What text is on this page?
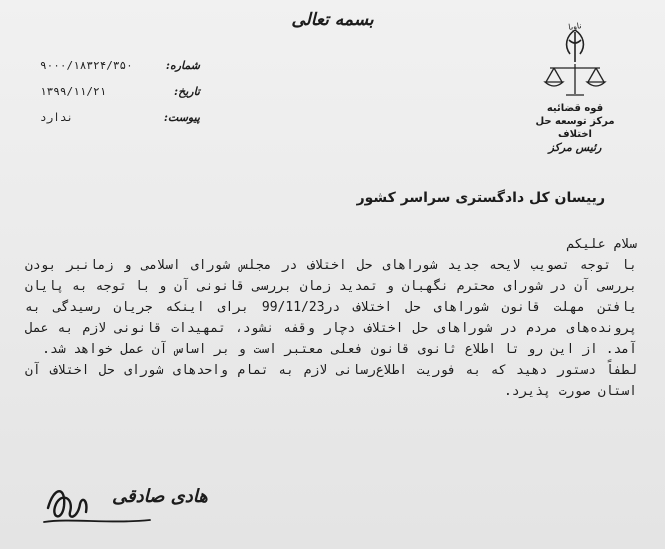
بسمه تعالی	ناوبا
قوه قضائیه
مرکز توسعه حل اختلاف
رئیس مرکز
شماره:
۹۰۰۰/۱۸۳۲۴/۳۵۰
تاریخ:
۱۳۹۹/۱۱/۲۱
پیوست:
ندارد
رییسان کل دادگستری سراسر کشور

سلام علیکم

با توجه تصویب لایحه جدید شوراهای حل اختلاف در مجلس شورای اسلامی و زمانبر بودن بررسی آن در شورای محترم نگهبان و تمدید زمان بررسی قانونی آن و با توجه به پایان یافتن مهلت قانون شوراهای حل اختلاف در99/11/23 برای اینکه جریان رسیدگی به پرونده‌های مردم در شوراهای حل اختلاف دچار وقفه نشود، تمهیدات قانونی لازم به عمل آمد. از این رو تا اطلاع ثانوی قانون فعلی معتبر است و بر اساس آن عمل خواهد شد.

لطفاً دستور دهید که به فوریت اطلاع‌رسانی لازم به تمام واحدهای شورای حل اختلاف آن استان صورت پذیرد.

هادی صادقی
